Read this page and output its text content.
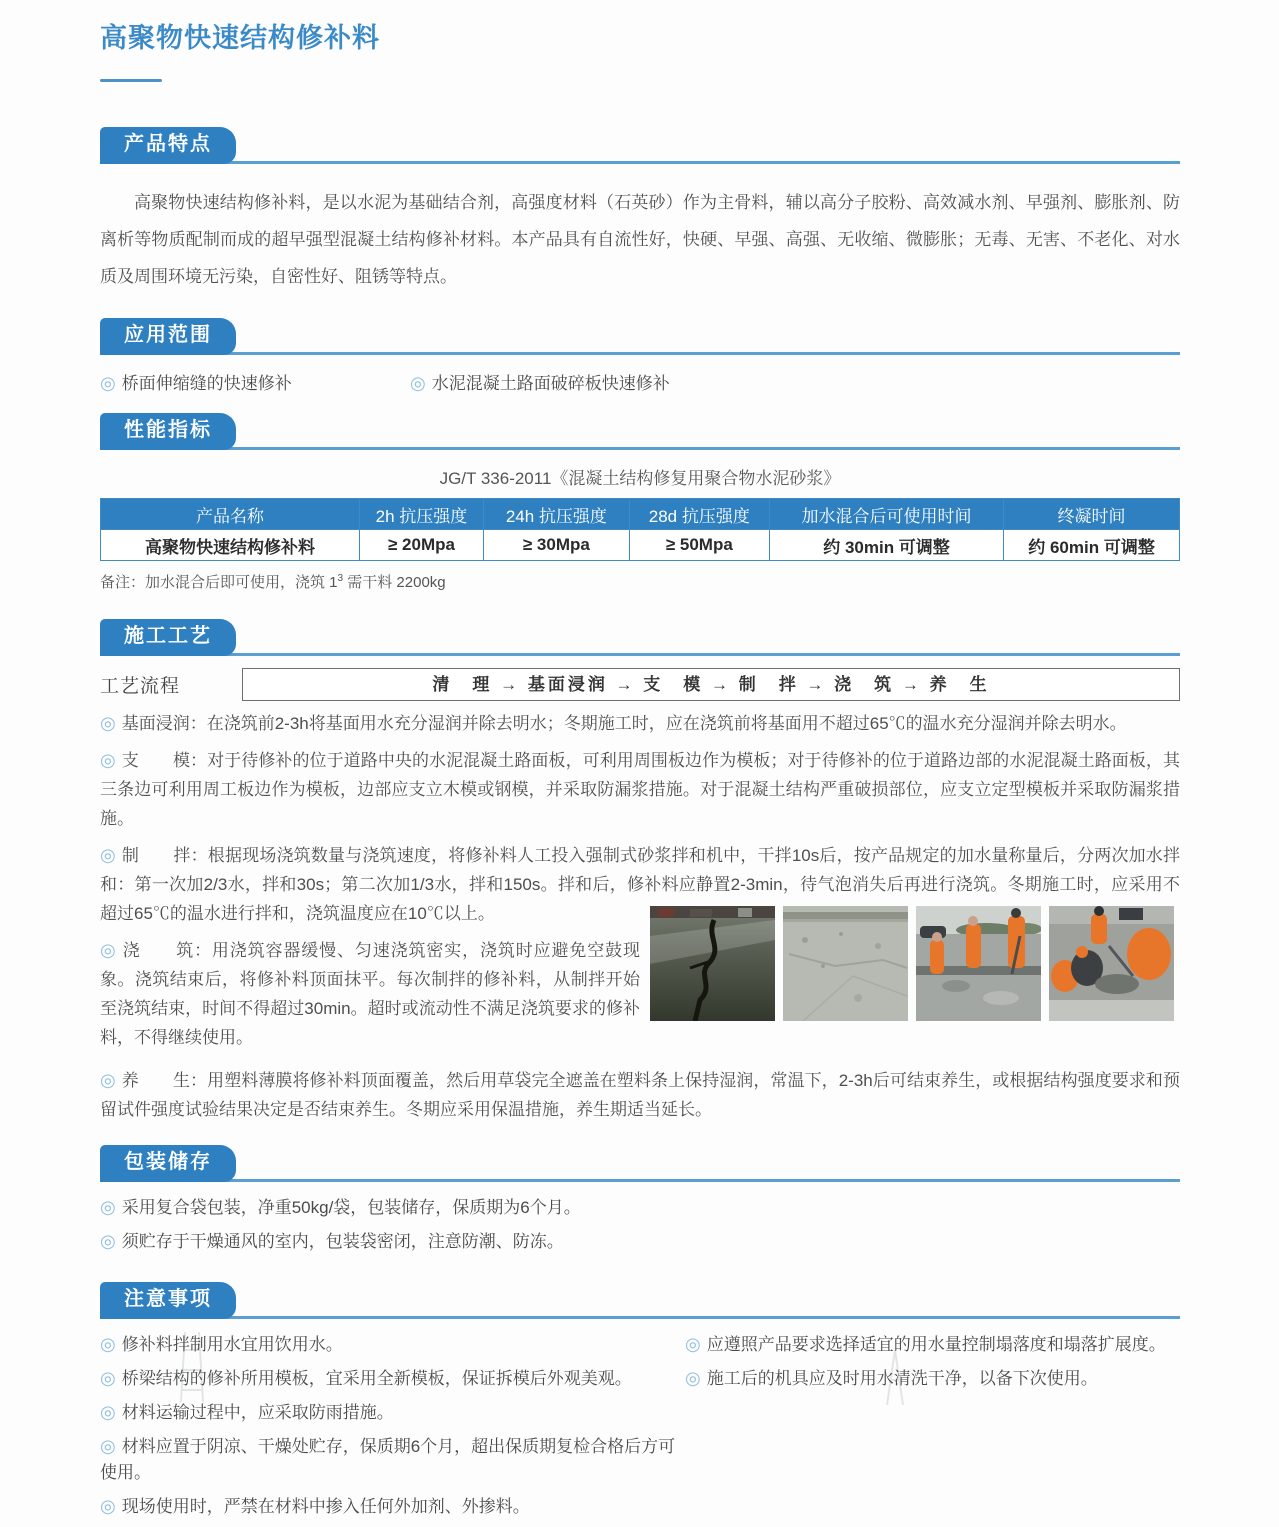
高聚物快速结构修补料
产品特点

高聚物快速结构修补料，是以水泥为基础结合剂，高强度材料（石英砂）作为主骨料，辅以高分子胶粉、高效减水剂、早强剂、膨胀剂、防离析等物质配制而成的超早强型混凝土结构修补材料。本产品具有自流性好，快硬、早强、高强、无收缩、微膨胀；无毒、无害、不老化、对水质及周围环境无污染，自密性好、阻锈等特点。

应用范围
◎ 桥面伸缩缝的快速修补	◎ 水泥混凝土路面破碎板快速修补
性能指标
JG/T 336-2011《混凝土结构修复用聚合物水泥砂浆》
产品名称	2h 抗压强度	24h 抗压强度	28d 抗压强度	加水混合后可使用时间	终凝时间
高聚物快速结构修补料	≥ 20Mpa	≥ 30Mpa	≥ 50Mpa	约 30min 可调整	约 60min 可调整

备注：加水混合后即可使用，浇筑 $1^3$ 需干料 2200kg

施工工艺
工艺流程	清　理 → 基面浸润 → 支　模 → 制　拌 → 浇　筑 → 养　生

◎ 基面浸润：在浇筑前2-3h将基面用水充分湿润并除去明水；冬期施工时，应在浇筑前将基面用不超过65℃的温水充分湿润并除去明水。

◎ 支　　模：对于待修补的位于道路中央的水泥混凝土路面板，可利用周围板边作为模板；对于待修补的位于道路边部的水泥混凝土路面板，其三条边可利用周工板边作为模板，边部应支立木模或钢模，并采取防漏浆措施。对于混凝土结构严重破损部位，应支立定型模板并采取防漏浆措施。

◎ 制　　拌：根据现场浇筑数量与浇筑速度，将修补料人工投入强制式砂浆拌和机中，干拌10s后，按产品规定的加水量称量后，分两次加水拌和：第一次加2/3水，拌和30s；第二次加1/3水，拌和150s。拌和后，修补料应静置2-3min，待气泡消失后再进行浇筑。冬期施工时，应采用不超过65℃的温水进行拌和，浇筑温度应在10℃以上。

◎ 浇　　筑：用浇筑容器缓慢、匀速浇筑密实，浇筑时应避免空鼓现象。浇筑结束后，将修补料顶面抹平。每次制拌的修补料，从制拌开始至浇筑结束，时间不得超过30min。超时或流动性不满足浇筑要求的修补料，不得继续使用。

◎ 养　　生：用塑料薄膜将修补料顶面覆盖，然后用草袋完全遮盖在塑料条上保持湿润，常温下，2-3h后可结束养生，或根据结构强度要求和预留试件强度试验结果决定是否结束养生。冬期应采用保温措施，养生期适当延长。

包装储存
◎ 采用复合袋包装，净重50kg/袋，包装储存，保质期为6个月。
◎ 须贮存于干燥通风的室内，包装袋密闭，注意防潮、防冻。
注意事项
◎ 修补料拌制用水宜用饮用水。
◎ 桥梁结构的修补所用模板，宜采用全新模板，保证拆模后外观美观。
◎ 材料运输过程中，应采取防雨措施。
◎ 材料应置于阴凉、干燥处贮存，保质期6个月，超出保质期复检合格后方可使用。
◎ 现场使用时，严禁在材料中掺入任何外加剂、外掺料。
◎ 应遵照产品要求选择适宜的用水量控制塌落度和塌落扩展度。
◎ 施工后的机具应及时用水清洗干净，以备下次使用。
